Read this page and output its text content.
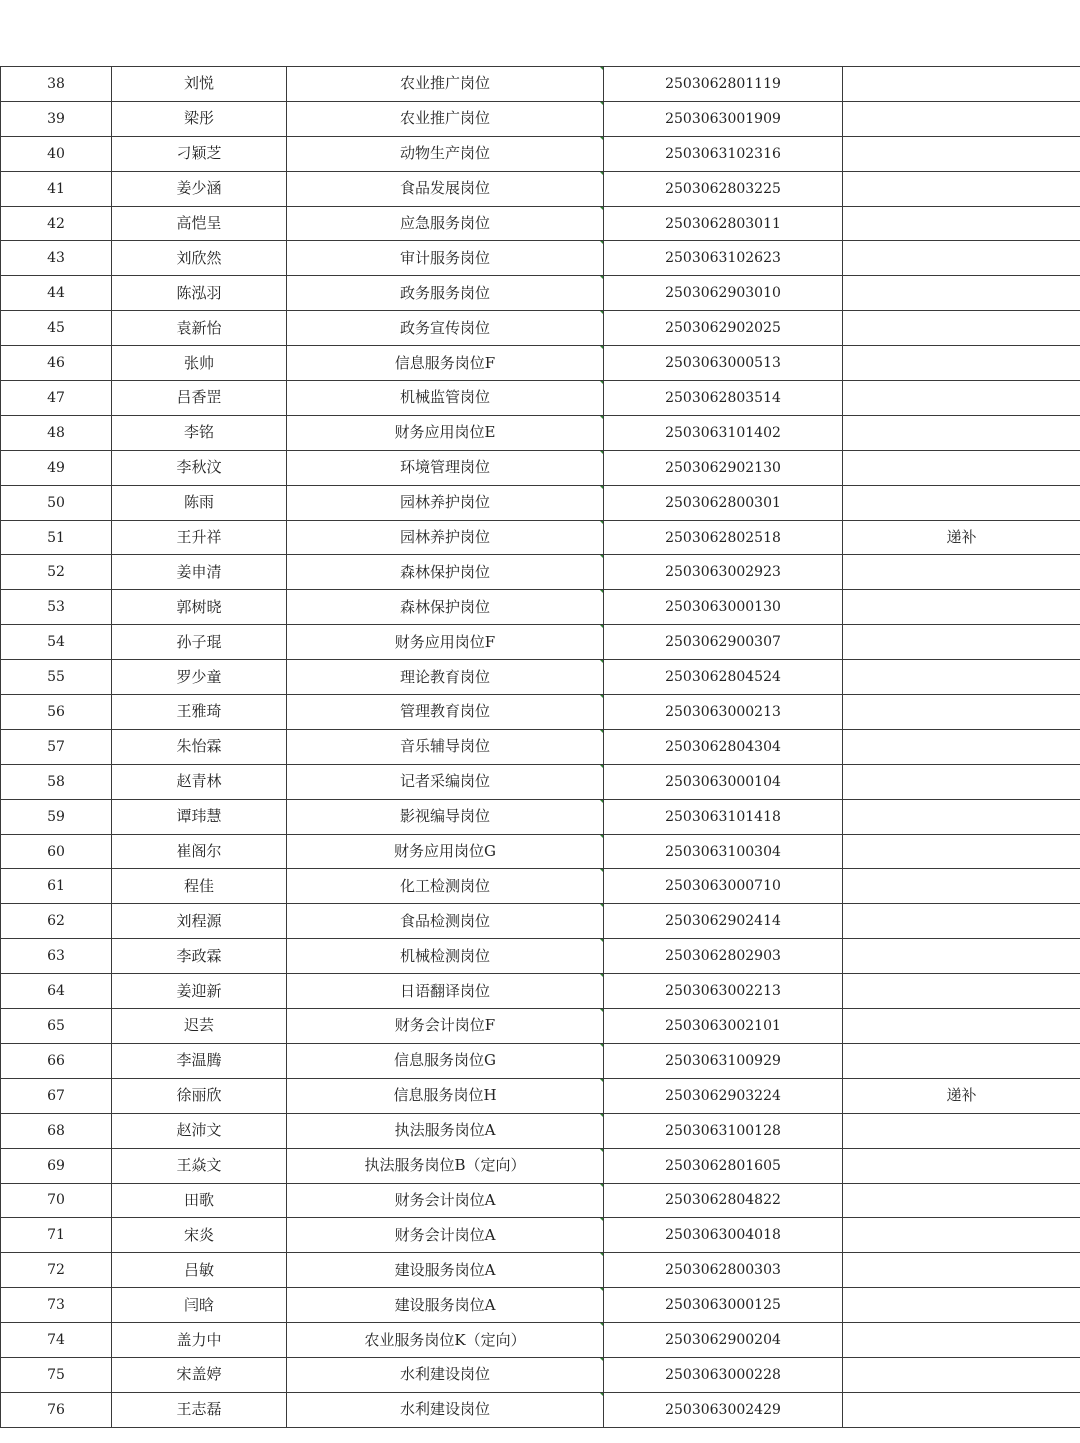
38	刘悦	农业推广岗位	2503062801119	

39	梁彤	农业推广岗位	2503063001909	

40	刁颖芝	动物生产岗位	2503063102316	

41	姜少涵	食品发展岗位	2503062803225	

42	高恺呈	应急服务岗位	2503062803011	

43	刘欣然	审计服务岗位	2503063102623	

44	陈泓羽	政务服务岗位	2503062903010	

45	袁新怡	政务宣传岗位	2503062902025	

46	张帅	信息服务岗位F	2503063000513	

47	吕香罡	机械监管岗位	2503062803514	

48	李铭	财务应用岗位E	2503063101402	

49	李秋汶	环境管理岗位	2503062902130	

50	陈雨	园林养护岗位	2503062800301	

51	王升祥	园林养护岗位	2503062802518	递补

52	姜申清	森林保护岗位	2503063002923	

53	郭树晓	森林保护岗位	2503063000130	

54	孙子琨	财务应用岗位F	2503062900307	

55	罗少童	理论教育岗位	2503062804524	

56	王雅琦	管理教育岗位	2503063000213	

57	朱怡霖	音乐辅导岗位	2503062804304	

58	赵青林	记者采编岗位	2503063000104	

59	谭玮慧	影视编导岗位	2503063101418	

60	崔阁尔	财务应用岗位G	2503063100304	

61	程佳	化工检测岗位	2503063000710	

62	刘程源	食品检测岗位	2503062902414	

63	李政霖	机械检测岗位	2503062802903	

64	姜迎新	日语翻译岗位	2503063002213	

65	迟芸	财务会计岗位F	2503063002101	

66	李温腾	信息服务岗位G	2503063100929	

67	徐丽欣	信息服务岗位H	2503062903224	递补

68	赵沛文	执法服务岗位A	2503063100128	

69	王焱文	执法服务岗位B（定向）	2503062801605	

70	田歌	财务会计岗位A	2503062804822	

71	宋炎	财务会计岗位A	2503063004018	

72	吕敏	建设服务岗位A	2503062800303	

73	闫晗	建设服务岗位A	2503063000125	

74	盖力中	农业服务岗位K（定向）	2503062900204	

75	宋盖婷	水利建设岗位	2503063000228	

76	王志磊	水利建设岗位	2503063002429	
